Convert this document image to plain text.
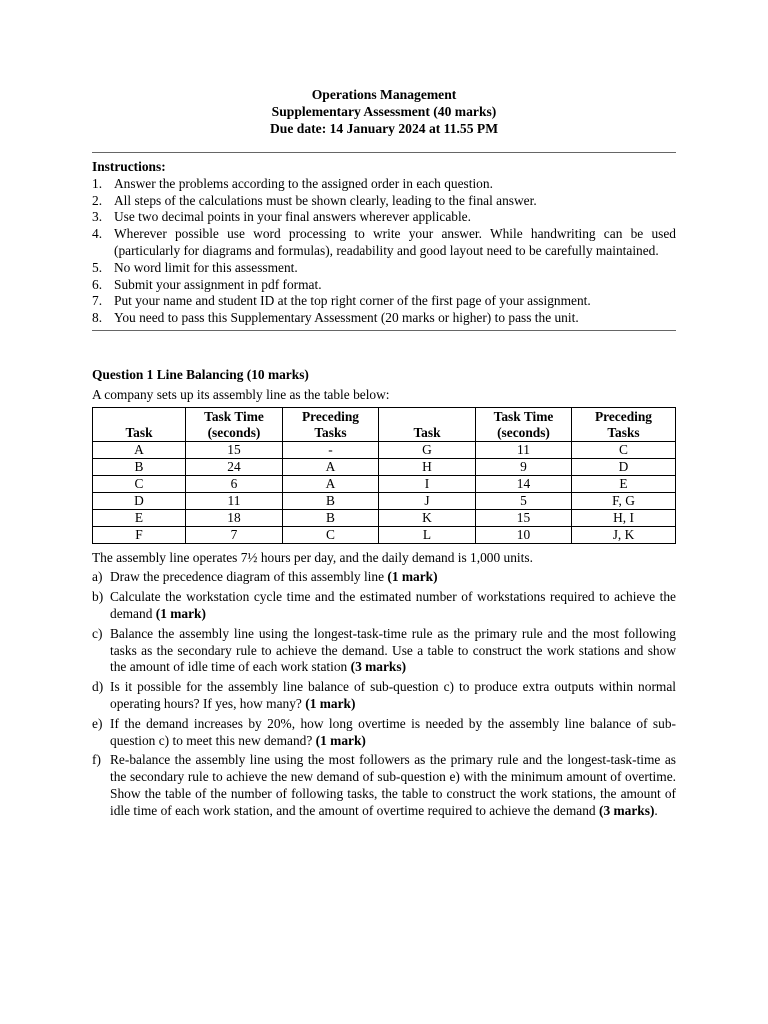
Operations Management
Supplementary Assessment (40 marks)
Due date: 14 January 2024 at 11.55 PM
Instructions:
1. Answer the problems according to the assigned order in each question.
2. All steps of the calculations must be shown clearly, leading to the final answer.
3. Use two decimal points in your final answers wherever applicable.
4. Wherever possible use word processing to write your answer. While handwriting can be used (particularly for diagrams and formulas), readability and good layout need to be carefully maintained.
5. No word limit for this assessment.
6. Submit your assignment in pdf format.
7. Put your name and student ID at the top right corner of the first page of your assignment.
8. You need to pass this Supplementary Assessment (20 marks or higher) to pass the unit.
Question 1 Line Balancing (10 marks)
A company sets up its assembly line as the table below:
Task	Task Time
(seconds)	Preceding
Tasks	Task	Task Time
(seconds)	Preceding
Tasks
A	15	-	G	11	C
B	24	A	H	9	D
C	6	A	I	14	E
D	11	B	J	5	F, G
E	18	B	K	15	H, I
F	7	C	L	10	J, K
The assembly line operates 7½ hours per day, and the daily demand is 1,000 units.
a) Draw the precedence diagram of this assembly line (1 mark)
b) Calculate the workstation cycle time and the estimated number of workstations required to achieve the demand (1 mark)
c) Balance the assembly line using the longest-task-time rule as the primary rule and the most following tasks as the secondary rule to achieve the demand. Use a table to construct the work stations and show the amount of idle time of each work station (3 marks)
d) Is it possible for the assembly line balance of sub-question c) to produce extra outputs within normal operating hours? If yes, how many? (1 mark)
e) If the demand increases by 20%, how long overtime is needed by the assembly line balance of sub-question c) to meet this new demand? (1 mark)
f) Re-balance the assembly line using the most followers as the primary rule and the longest-task-time as the secondary rule to achieve the new demand of sub-question e) with the minimum amount of overtime. Show the table of the number of following tasks, the table to construct the work stations, the amount of idle time of each work station, and the amount of overtime required to achieve the demand (3 marks).
